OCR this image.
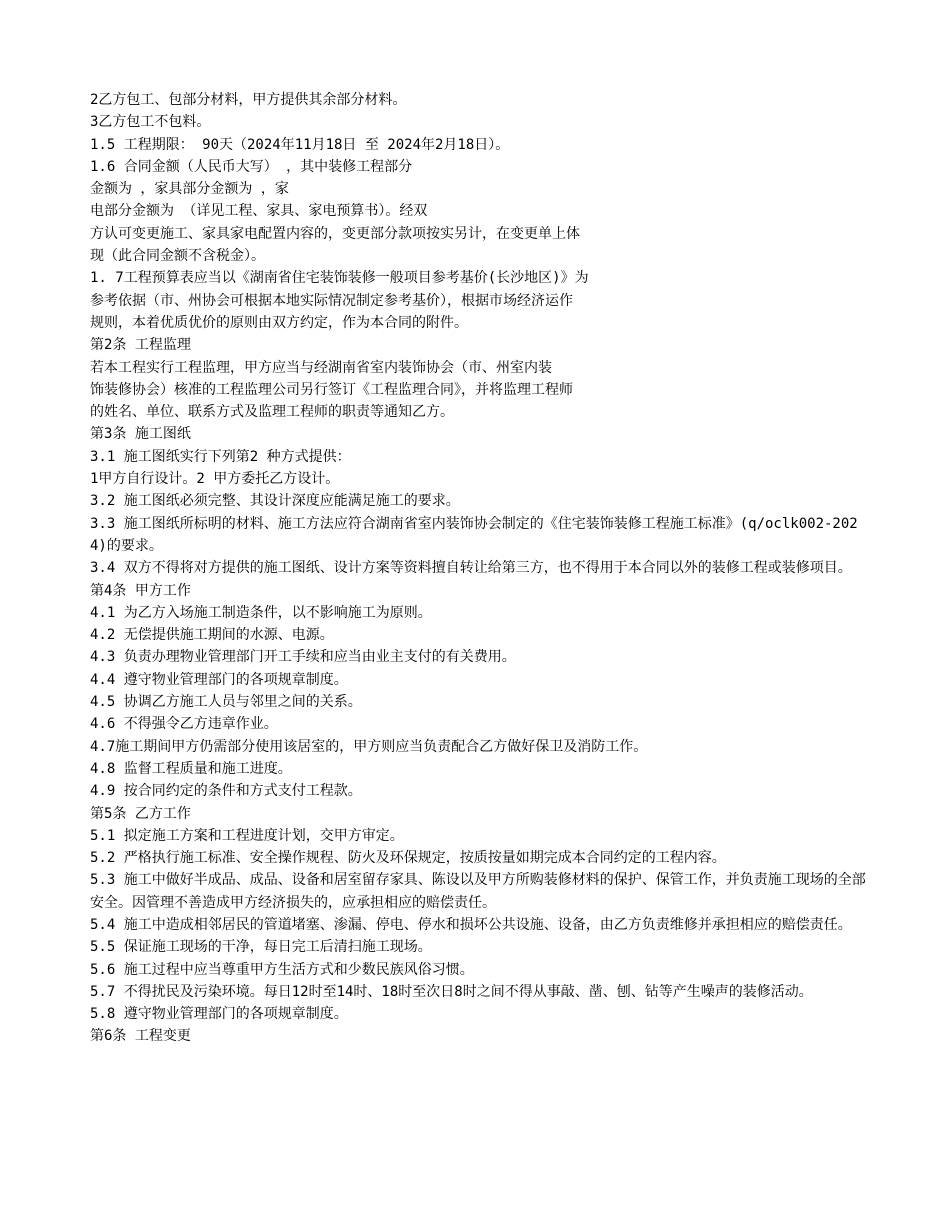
2乙方包工、包部分材料，甲方提供其余部分材料。
3乙方包工不包料。
1.5 工程期限： 90天（2024年11月18日 至 2024年2月18日）。
1.6 合同金额（人民币大写） ，其中装修工程部分
金额为 ，家具部分金额为 ，家
电部分金额为 （详见工程、家具、家电预算书）。经双
方认可变更施工、家具家电配置内容的，变更部分款项按实另计，在变更单上体
现（此合同金额不含税金）。
1. 7工程预算表应当以《湖南省住宅装饰装修一般项目参考基价(长沙地区)》为
参考依据（市、州协会可根据本地实际情况制定参考基价），根据市场经济运作
规则，本着优质优价的原则由双方约定，作为本合同的附件。
第2条 工程监理
若本工程实行工程监理，甲方应当与经湖南省室内装饰协会（市、州室内装
饰装修协会）核准的工程监理公司另行签订《工程监理合同》，并将监理工程师
的姓名、单位、联系方式及监理工程师的职责等通知乙方。
第3条 施工图纸
3.1 施工图纸实行下列第2 种方式提供：
1甲方自行设计。2 甲方委托乙方设计。
3.2 施工图纸必须完整、其设计深度应能满足施工的要求。
3.3 施工图纸所标明的材料、施工方法应符合湖南省室内装饰协会制定的《住宅装饰装修工程施工标准》(q/oclk002-2024)的要求。
3.4 双方不得将对方提供的施工图纸、设计方案等资料擅自转让给第三方，也不得用于本合同以外的装修工程或装修项目。
第4条 甲方工作
4.1 为乙方入场施工制造条件，以不影响施工为原则。
4.2 无偿提供施工期间的水源、电源。
4.3 负责办理物业管理部门开工手续和应当由业主支付的有关费用。
4.4 遵守物业管理部门的各项规章制度。
4.5 协调乙方施工人员与邻里之间的关系。
4.6 不得强令乙方违章作业。
4.7施工期间甲方仍需部分使用该居室的，甲方则应当负责配合乙方做好保卫及消防工作。
4.8 监督工程质量和施工进度。
4.9 按合同约定的条件和方式支付工程款。
第5条 乙方工作
5.1 拟定施工方案和工程进度计划，交甲方审定。
5.2 严格执行施工标准、安全操作规程、防火及环保规定，按质按量如期完成本合同约定的工程内容。
5.3 施工中做好半成品、成品、设备和居室留存家具、陈设以及甲方所购装修材料的保护、保管工作，并负责施工现场的全部安全。因管理不善造成甲方经济损失的，应承担相应的赔偿责任。
5.4 施工中造成相邻居民的管道堵塞、渗漏、停电、停水和损坏公共设施、设备，由乙方负责维修并承担相应的赔偿责任。
5.5 保证施工现场的干净，每日完工后清扫施工现场。
5.6 施工过程中应当尊重甲方生活方式和少数民族风俗习惯。
5.7 不得扰民及污染环境。每日12时至14时、18时至次日8时之间不得从事敲、凿、刨、钻等产生噪声的装修活动。
5.8 遵守物业管理部门的各项规章制度。
第6条 工程变更
